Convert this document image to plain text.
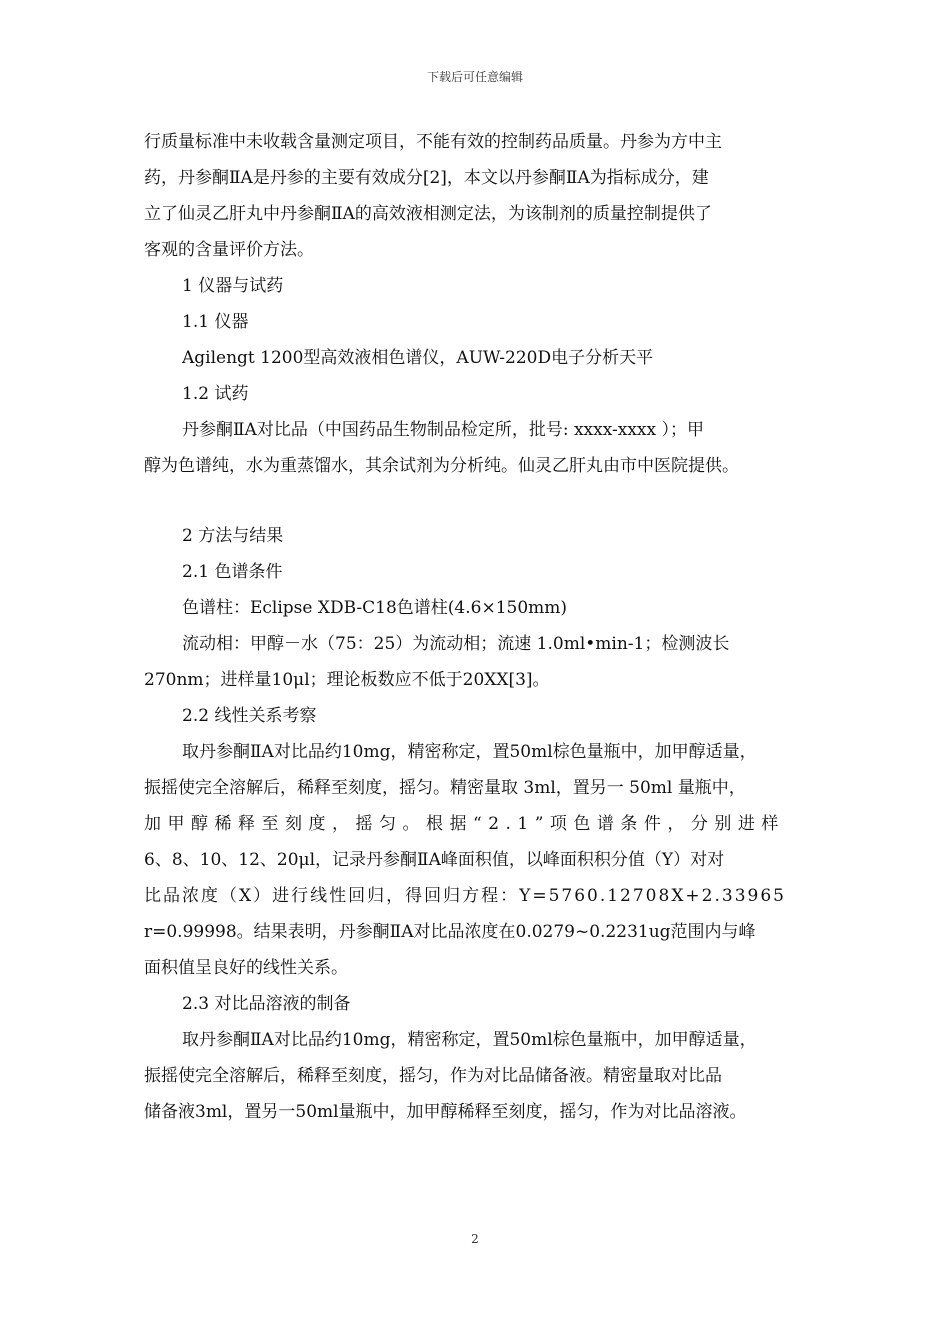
下载后可任意编辑
行质量标准中未收载含量测定项目，不能有效的控制药品质量。丹参为方中主
药，丹参酮ⅡA是丹参的主要有效成分[2]，本文以丹参酮ⅡA为指标成分，建
立了仙灵乙肝丸中丹参酮ⅡA的高效液相测定法，为该制剂的质量控制提供了
客观的含量评价方法。
1 仪器与试药
1.1 仪器
Agilengt 1200型高效液相色谱仪，AUW-220D电子分析天平
1.2 试药
丹参酮ⅡA对比品（中国药品生物制品检定所，批号: xxxx-xxxx ）；甲
醇为色谱纯，水为重蒸馏水，其余试剂为分析纯。仙灵乙肝丸由市中医院提供。
2 方法与结果
2.1 色谱条件
色谱柱：Eclipse XDB-C18色谱柱(4.6×150mm)
流动相：甲醇－水（75：25）为流动相；流速 1.0ml•min-1；检测波长
270nm；进样量10μl；理论板数应不低于20XX[3]。
2.2 线性关系考察
取丹参酮ⅡA对比品约10mg，精密称定，置50ml棕色量瓶中，加甲醇适量，
振摇使完全溶解后，稀释至刻度，摇匀。精密量取 3ml，置另一 50ml 量瓶中，
加甲醇稀释至刻度，摇匀。根据“2.1”项色谱条件，分别进样
6、8、10、12、20μl，记录丹参酮ⅡA峰面积值，以峰面积积分值（Y）对对
比品浓度（X）进行线性回归，得回归方程：Y=5760.12708X+2.33965
r=0.99998。结果表明，丹参酮ⅡA对比品浓度在0.0279~0.2231ug范围内与峰
面积值呈良好的线性关系。
2.3 对比品溶液的制备
取丹参酮ⅡA对比品约10mg，精密称定，置50ml棕色量瓶中，加甲醇适量，
振摇使完全溶解后，稀释至刻度，摇匀，作为对比品储备液。精密量取对比品
储备液3ml，置另一50ml量瓶中，加甲醇稀释至刻度，摇匀，作为对比品溶液。
2
